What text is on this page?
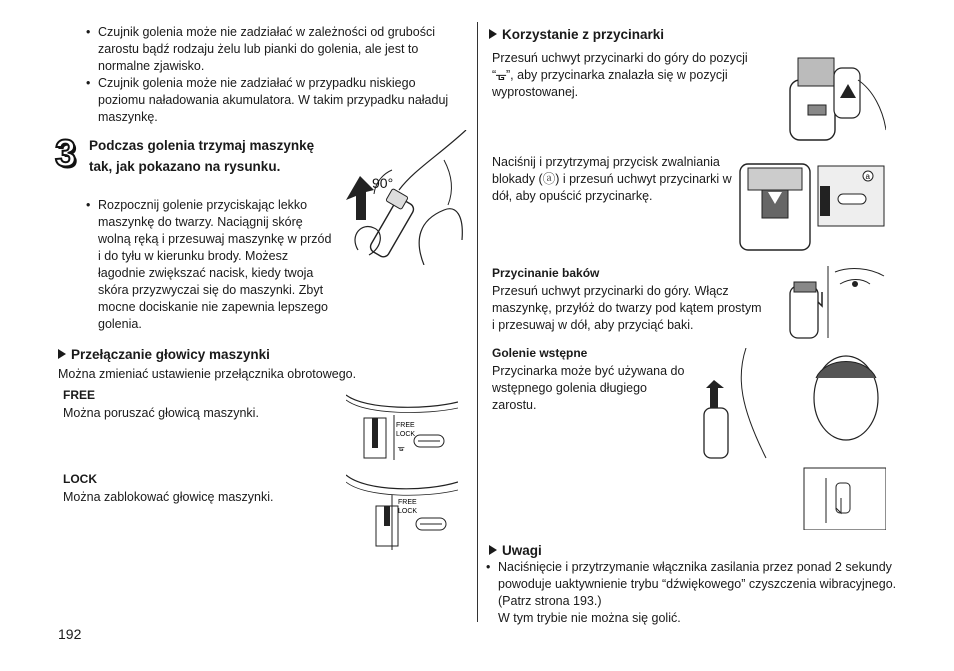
• Czujnik golenia może nie zadziałać w zależności od grubości zarostu bądź rodzaju żelu lub pianki do golenia, ale jest to normalne zjawisko.
• Czujnik golenia może nie zadziałać w przypadku niskiego poziomu naładowania akumulatora. W takim przypadku naładuj maszynkę.
3 Podczas golenia trzymaj maszynkę tak, jak pokazano na rysunku.
• Rozpocznij golenie przyciskając lekko maszynkę do twarzy. Naciągnij skórę wolną ręką i przesuwaj maszynkę w przód i do tyłu w kierunku brody. Możesz łagodnie zwiększać nacisk, kiedy twoja skóra przyzwyczai się do maszynki. Zbyt mocne dociskanie nie zapewnia lepszego golenia.
90°
Przełączanie głowicy maszynki
Można zmieniać ustawienie przełącznika obrotowego.
FREE
Można poruszać głowicą maszynki.
LOCK
Można zablokować głowicę maszynki.
FREE
LOCK
ᚗ
FREE
LOCK
192
Korzystanie z przycinarki
Przesuń uchwyt przycinarki do góry do pozycji “ᚗ”, aby przycinarka znalazła się w pozycji wyprostowanej.
Naciśnij i przytrzymaj przycisk zwalniania blokady (ⓐ) i przesuń uchwyt przycinarki w dół, aby opuścić przycinarkę.
a
Przycinanie baków
Przesuń uchwyt przycinarki do góry. Włącz maszynkę, przyłóż do twarzy pod kątem prostym i przesuwaj w dół, aby przyciąć baki.
Golenie wstępne
Przycinarka może być używana do wstępnego golenia długiego zarostu.
Uwagi
• Naciśnięcie i przytrzymanie włącznika zasilania przez ponad 2 sekundy powoduje uaktywnienie trybu “dźwiękowego” czyszczenia wibracyjnego. (Patrz strona 193.)
W tym trybie nie można się golić.
